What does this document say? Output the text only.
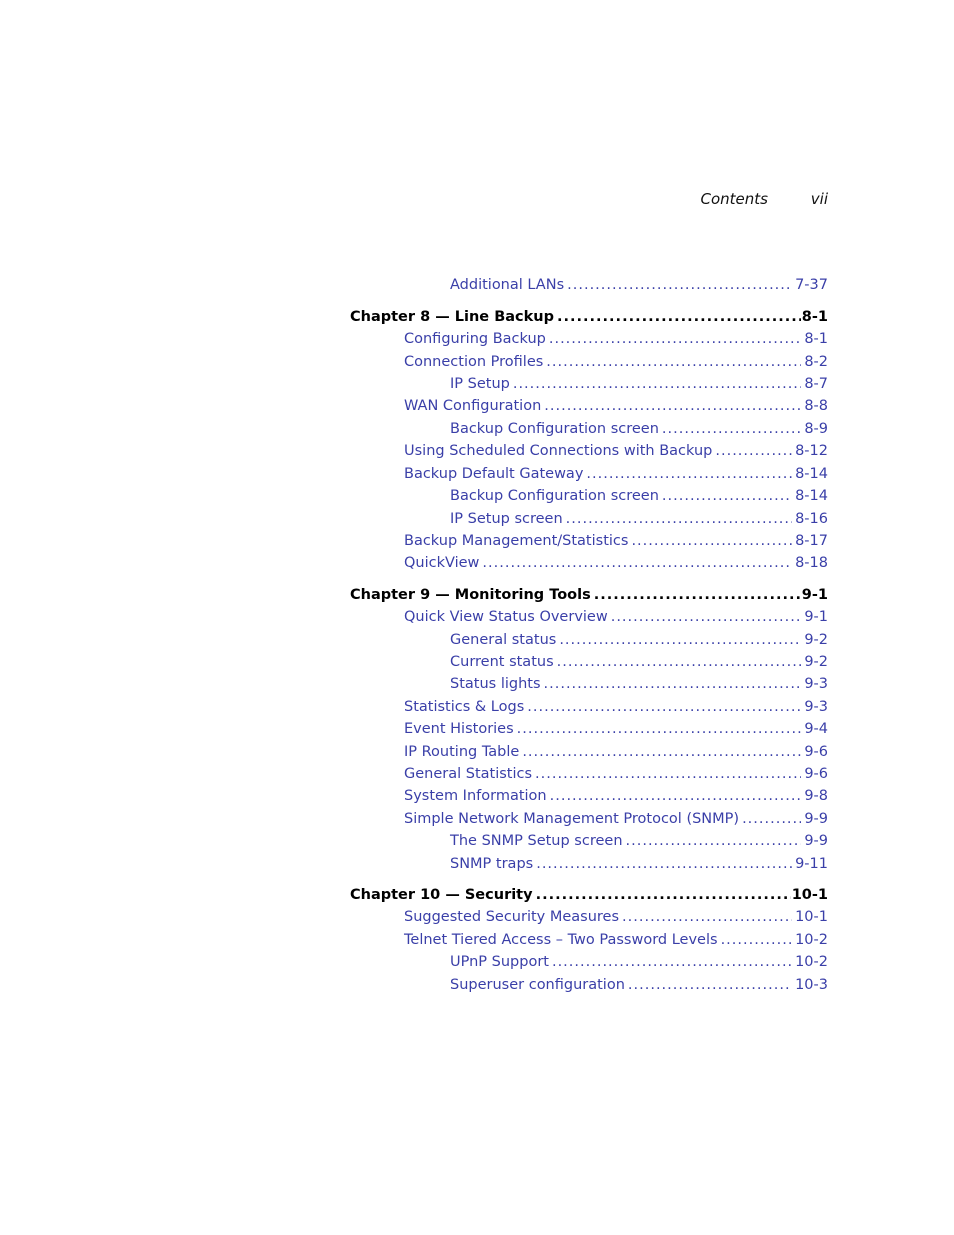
Contents	vii
Additional LANs .....	7-37
Chapter 8 — Line Backup .....	8-1
Configuring Backup .....	8-1
Connection Profiles .....	8-2
IP Setup .....	8-7
WAN Configuration .....	8-8
Backup Configuration screen .....	8-9
Using Scheduled Connections with Backup .....	8-12
Backup Default Gateway .....	8-14
Backup Configuration screen .....	8-14
IP Setup screen .....	8-16
Backup Management/Statistics .....	8-17
QuickView .....	8-18
Chapter 9 — Monitoring Tools .....	9-1
Quick View Status Overview .....	9-1
General status .....	9-2
Current status .....	9-2
Status lights .....	9-3
Statistics & Logs .....	9-3
Event Histories .....	9-4
IP Routing Table .....	9-6
General Statistics .....	9-6
System Information .....	9-8
Simple Network Management Protocol (SNMP) .....	9-9
The SNMP Setup screen .....	9-9
SNMP traps .....	9-11
Chapter 10 — Security .....	10-1
Suggested Security Measures .....	10-1
Telnet Tiered Access – Two Password Levels .....	10-2
UPnP Support .....	10-2
Superuser configuration .....	10-3
